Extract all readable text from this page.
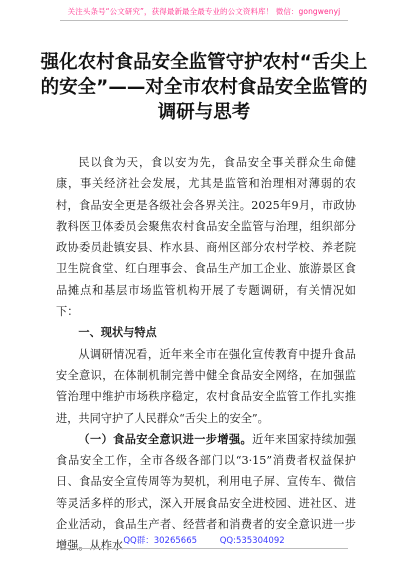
关注头条号“公文研究”，获得最新最全最专业的公文资料库！ 微信：gongwenyj
强化农村食品安全监管守护农村“舌尖上
的安全”——对全市农村食品安全监管的
调研与思考

民以食为天，食以安为先，食品安全事关群众生命健康，事关经济社会发展，尤其是监管和治理相对薄弱的农村，食品安全更是各级社会各界关注。2025年9月，市政协教科医卫体委员会聚焦农村食品安全监管与治理，组织部分政协委员赴镇安县、柞水县、商州区部分农村学校、养老院卫生院食堂、红白理事会、食品生产加工企业、旅游景区食品摊点和基层市场监管机构开展了专题调研，有关情况如下：

一、现状与特点

从调研情况看，近年来全市在强化宣传教育中提升食品安全意识，在体制机制完善中健全食品安全网络，在加强监管治理中维护市场秩序稳定，农村食品安全监管工作扎实推进，共同守护了人民群众“舌尖上的安全”。

（一）食品安全意识进一步增强。近年来国家持续加强食品安全工作，全市各级各部门以“3·15”消费者权益保护日、食品安全宣传周等为契机，利用电子屏、宣传车、微信等灵活多样的形式，深入开展食品安全进校园、进社区、进企业活动，食品生产者、经营者和消费者的安全意识进一步增强。从柞水 QQ群：30265665	QQ:535304092
